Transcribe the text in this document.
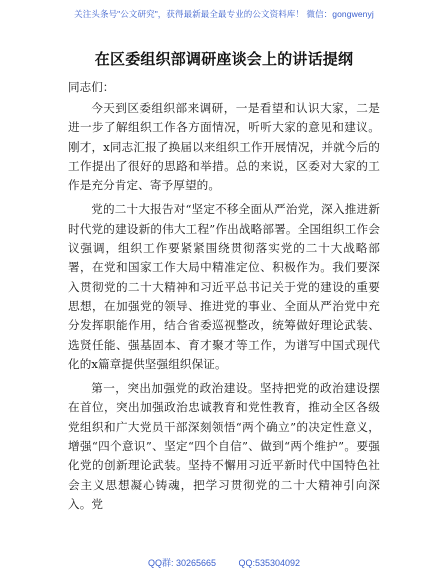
关注头条号"公文研究"，获得最新最全最专业的公文资料库！ 微信：gongwenyj
在区委组织部调研座谈会上的讲话提纲
同志们：

今天到区委组织部来调研，一是看望和认识大家，二是进一步了解组织工作各方面情况，听听大家的意见和建议。刚才，x同志汇报了换届以来组织工作开展情况，并就今后的工作提出了很好的思路和举措。总的来说，区委对大家的工作是充分肯定、寄予厚望的。

党的二十大报告对“坚定不移全面从严治党，深入推进新时代党的建设新的伟大工程”作出战略部署。全国组织工作会议强调，组织工作要紧紧围绕贯彻落实党的二十大战略部署，在党和国家工作大局中精准定位、积极作为。我们要深入贯彻党的二十大精神和习近平总书记关于党的建设的重要思想，在加强党的领导、推进党的事业、全面从严治党中充分发挥职能作用，结合省委巡视整改，统筹做好理论武装、选贤任能、强基固本、育才聚才等工作，为谱写中国式现代化的x篇章提供坚强组织保证。

第一，突出加强党的政治建设。坚持把党的政治建设摆在首位，突出加强政治忠诚教育和党性教育，推动全区各级党组织和广大党员干部深刻领悟“两个确立”的决定性意义，增强“四个意识”、坚定“四个自信”、做到“两个维护”。要强化党的创新理论武装。坚持不懈用习近平新时代中国特色社会主义思想凝心铸魂，把学习贯彻党的二十大精神引向深入。党

QQ群: 30265665	QQ:535304092
